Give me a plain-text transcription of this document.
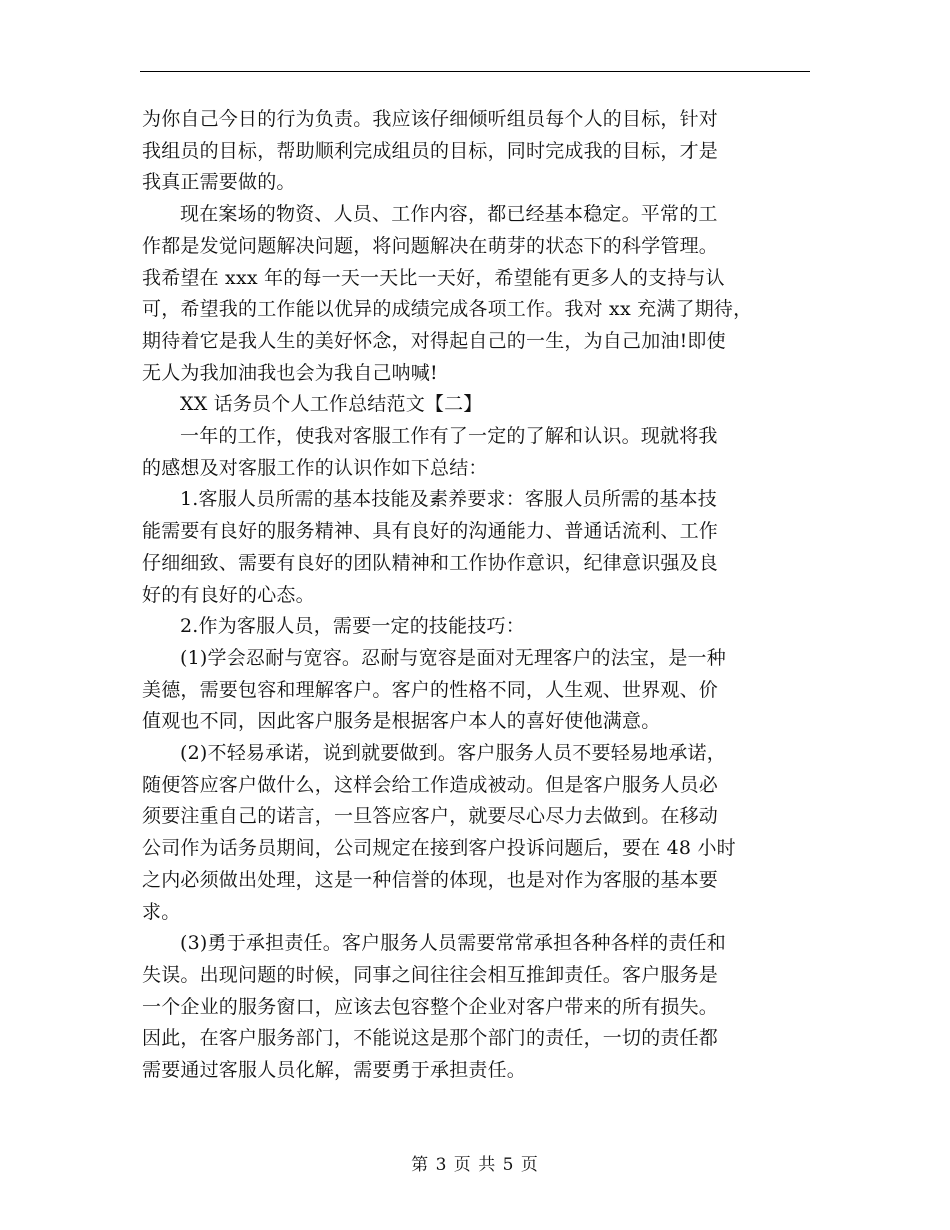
为你自己今日的行为负责。我应该仔细倾听组员每个人的目标，针对

我组员的目标，帮助顺利完成组员的目标，同时完成我的目标，才是

我真正需要做的。

现在案场的物资、人员、工作内容，都已经基本稳定。平常的工

作都是发觉问题解决问题，将问题解决在萌芽的状态下的科学管理。

我希望在 xxx 年的每一天一天比一天好，希望能有更多人的支持与认

可，希望我的工作能以优异的成绩完成各项工作。我对 xx 充满了期待，

期待着它是我人生的美好怀念，对得起自己的一生，为自己加油!即使

无人为我加油我也会为我自己呐喊!

XX 话务员个人工作总结范文【二】

一年的工作，使我对客服工作有了一定的了解和认识。现就将我

的感想及对客服工作的认识作如下总结：

1.客服人员所需的基本技能及素养要求：客服人员所需的基本技

能需要有良好的服务精神、具有良好的沟通能力、普通话流利、工作

仔细细致、需要有良好的团队精神和工作协作意识，纪律意识强及良

好的有良好的心态。

2.作为客服人员，需要一定的技能技巧：

(1)学会忍耐与宽容。忍耐与宽容是面对无理客户的法宝，是一种

美德，需要包容和理解客户。客户的性格不同，人生观、世界观、价

值观也不同，因此客户服务是根据客户本人的喜好使他满意。

(2)不轻易承诺，说到就要做到。客户服务人员不要轻易地承诺，

随便答应客户做什么，这样会给工作造成被动。但是客户服务人员必

须要注重自己的诺言，一旦答应客户，就要尽心尽力去做到。在移动

公司作为话务员期间，公司规定在接到客户投诉问题后，要在 48 小时

之内必须做出处理，这是一种信誉的体现，也是对作为客服的基本要

求。

(3)勇于承担责任。客户服务人员需要常常承担各种各样的责任和

失误。出现问题的时候，同事之间往往会相互推卸责任。客户服务是

一个企业的服务窗口，应该去包容整个企业对客户带来的所有损失。

因此，在客户服务部门，不能说这是那个部门的责任，一切的责任都

需要通过客服人员化解，需要勇于承担责任。

第 3 页 共 5 页
